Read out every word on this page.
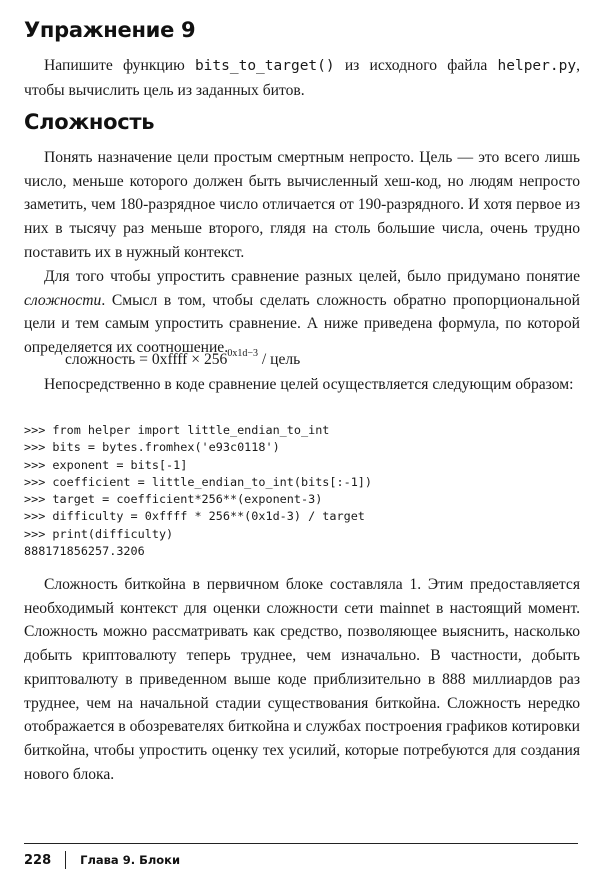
Упражнение 9

Напишите функцию bits_to_target() из исходного файла helper.py, чтобы вычислить цель из заданных битов.

Сложность

Понять назначение цели простым смертным непросто. Цель — это всего лишь число, меньше которого должен быть вычисленный хеш-код, но людям непросто заметить, чем 180-разрядное число отличается от 190-разрядного. И хотя первое из них в тысячу раз меньше второго, глядя на столь большие числа, очень трудно поставить их в нужный контекст.

Для того чтобы упростить сравнение разных целей, было придумано понятие сложности. Смысл в том, чтобы сделать сложность обратно пропорциональной цели и тем самым упростить сравнение. А ниже приведена формула, по которой определяется их соотношение.

сложность = 0xffff × $256^{0x1d-3}$ / цель

Непосредственно в коде сравнение целей осуществляется следующим образом:

>>> from helper import little_endian_to_int
>>> bits = bytes.fromhex('e93c0118')
>>> exponent = bits[-1]
>>> coefficient = little_endian_to_int(bits[:-1])
>>> target = coefficient*256**(exponent-3)
>>> difficulty = 0xffff * 256**(0x1d-3) / target
>>> print(difficulty)
888171856257.3206

Сложность биткойна в первичном блоке составляла 1. Этим предоставляется необходимый контекст для оценки сложности сети mainnet в настоящий момент. Сложность можно рассматривать как средство, позволяющее выяснить, насколько добыть криптовалюту теперь труднее, чем изначально. В частности, добыть криптовалюту в приведенном выше коде приблизительно в 888 миллиардов раз труднее, чем на начальной стадии существования биткойна. Сложность нередко отображается в обозревателях биткойна и службах построения графиков котировки биткойна, чтобы упростить оценку тех усилий, которые потребуются для создания нового блока.

228	Глава 9. Блоки
